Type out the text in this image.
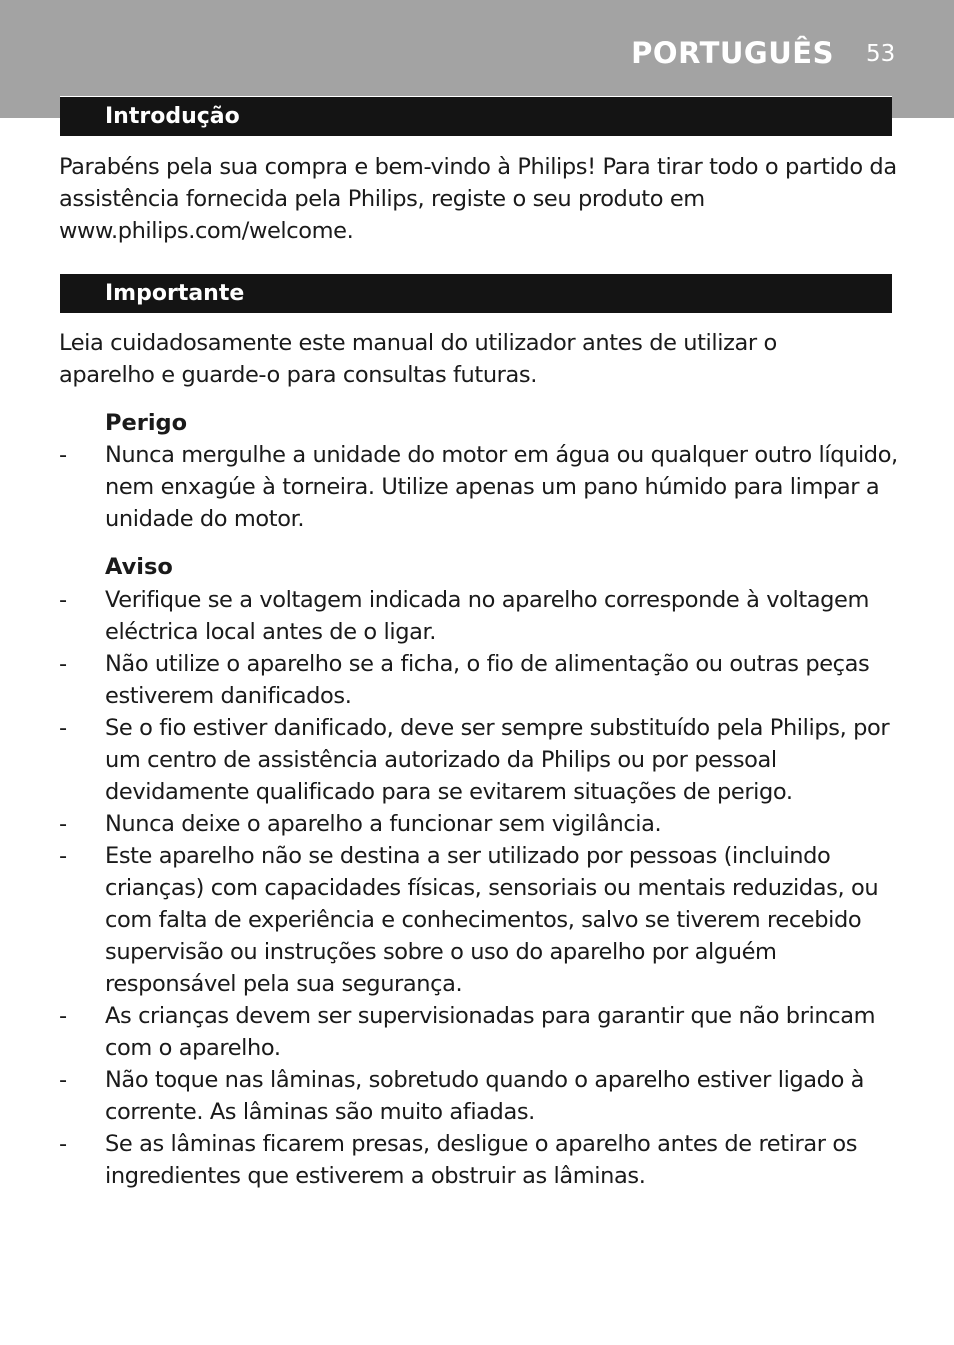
PORTUGUÊS 53
Introdução

Parabéns pela sua compra e bem-vindo à Philips! Para tirar todo o partido da assistência fornecida pela Philips, registe o seu produto em www.philips.com/welcome.

Importante

Leia cuidadosamente este manual do utilizador antes de utilizar o aparelho e guarde-o para consultas futuras.

Perigo
- Nunca mergulhe a unidade do motor em água ou qualquer outro líquido, nem enxagúe à torneira. Utilize apenas um pano húmido para limpar a unidade do motor.
Aviso
- Verifique se a voltagem indicada no aparelho corresponde à voltagem eléctrica local antes de o ligar.
- Não utilize o aparelho se a ficha, o fio de alimentação ou outras peças estiverem danificados.
- Se o fio estiver danificado, deve ser sempre substituído pela Philips, por um centro de assistência autorizado da Philips ou por pessoal devidamente qualificado para se evitarem situações de perigo.
- Nunca deixe o aparelho a funcionar sem vigilância.
- Este aparelho não se destina a ser utilizado por pessoas (incluindo crianças) com capacidades físicas, sensoriais ou mentais reduzidas, ou com falta de experiência e conhecimentos, salvo se tiverem recebido supervisão ou instruções sobre o uso do aparelho por alguém responsável pela sua segurança.
- As crianças devem ser supervisionadas para garantir que não brincam com o aparelho.
- Não toque nas lâminas, sobretudo quando o aparelho estiver ligado à corrente. As lâminas são muito afiadas.
- Se as lâminas ficarem presas, desligue o aparelho antes de retirar os ingredientes que estiverem a obstruir as lâminas.
